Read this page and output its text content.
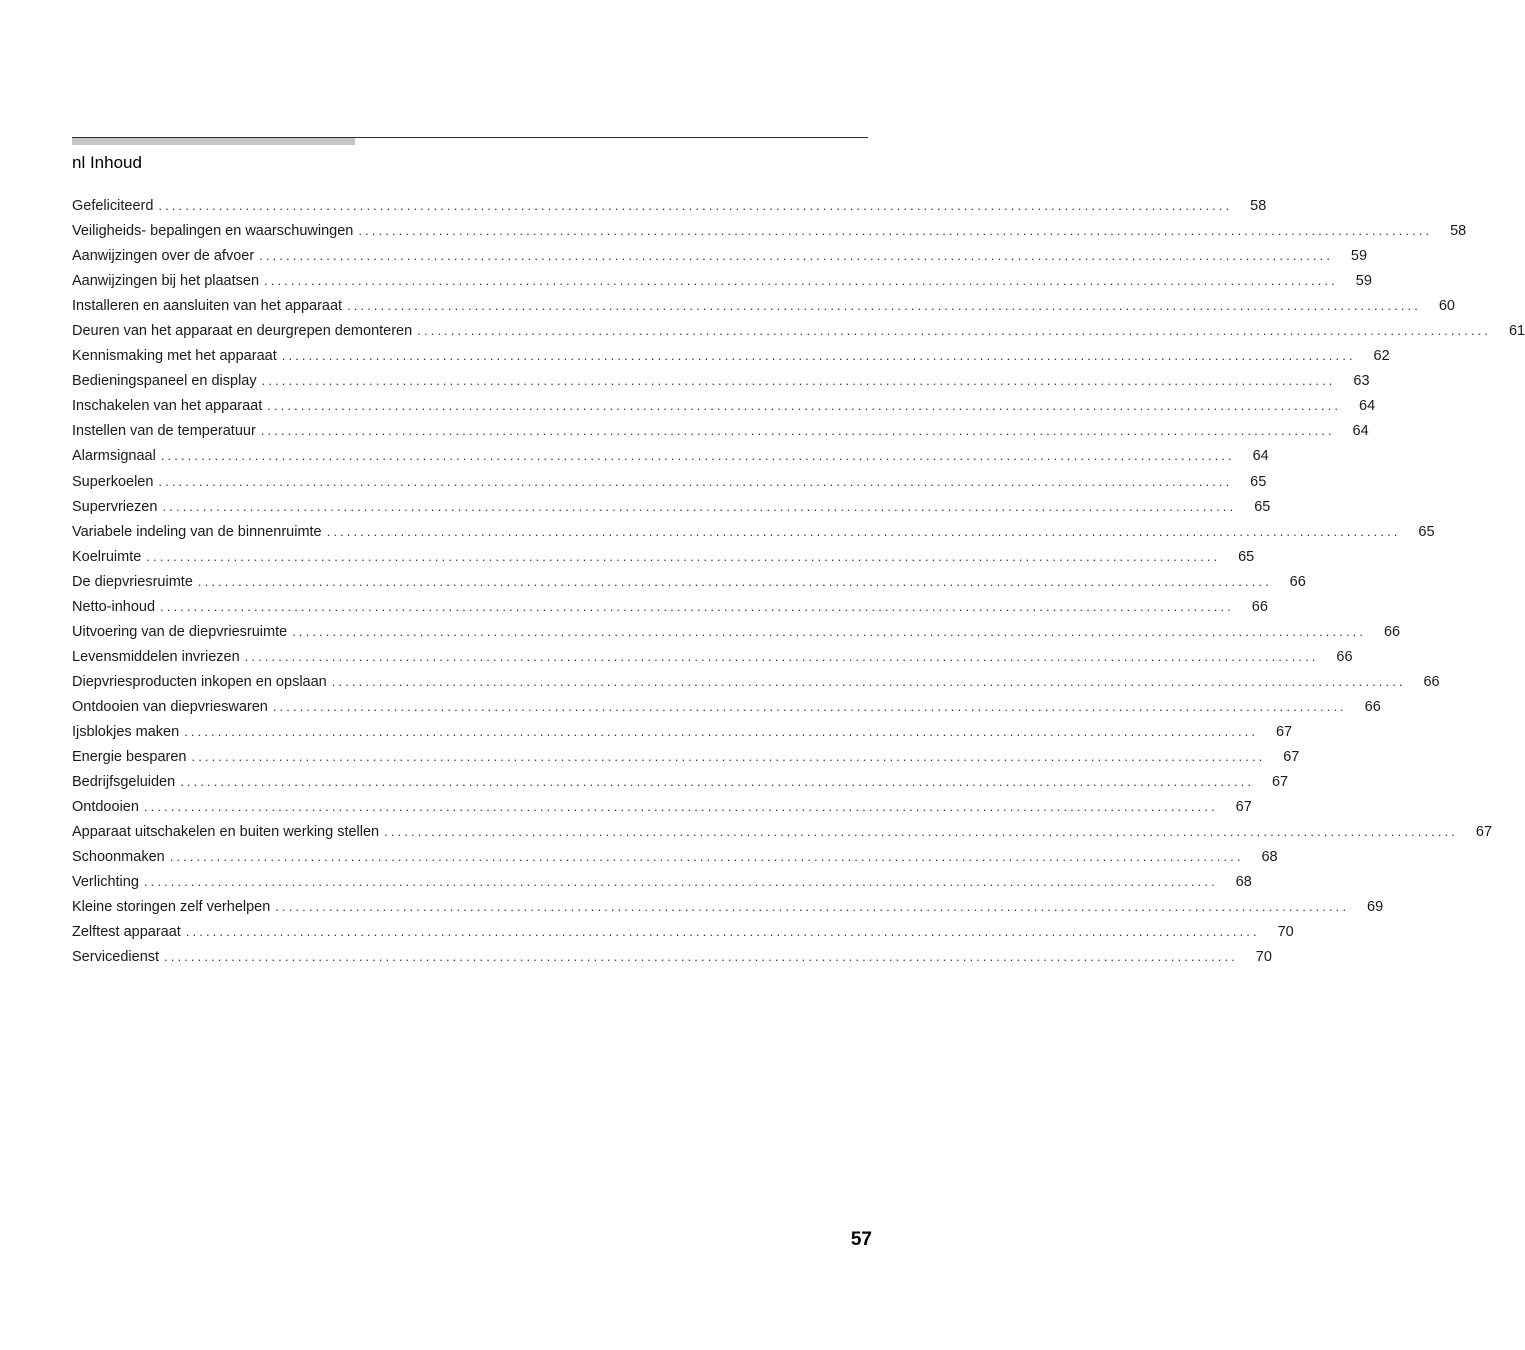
nl Inhoud
Gefeliciteerd ................................................................................................................................................................	58
Veiligheids- bepalingen en waarschuwingen ................................................................................................................................................................	58
Aanwijzingen over de afvoer ................................................................................................................................................................	59
Aanwijzingen bij het plaatsen ................................................................................................................................................................	59
Installeren en aansluiten van het apparaat ................................................................................................................................................................	60
Deuren van het apparaat en deurgrepen demonteren ................................................................................................................................................................	61
Kennismaking met het apparaat ................................................................................................................................................................	62
Bedieningspaneel en display ................................................................................................................................................................	63
Inschakelen van het apparaat ................................................................................................................................................................	64
Instellen van de temperatuur ................................................................................................................................................................	64
Alarmsignaal ................................................................................................................................................................	64
Superkoelen ................................................................................................................................................................	65
Supervriezen ................................................................................................................................................................	65
Variabele indeling van de binnenruimte ................................................................................................................................................................	65
Koelruimte ................................................................................................................................................................	65
De diepvriesruimte ................................................................................................................................................................	66
Netto-inhoud ................................................................................................................................................................	66
Uitvoering van de diepvriesruimte ................................................................................................................................................................	66
Levensmiddelen invriezen ................................................................................................................................................................	66
Diepvriesproducten inkopen en opslaan ................................................................................................................................................................	66
Ontdooien van diepvrieswaren ................................................................................................................................................................	66
Ijsblokjes maken ................................................................................................................................................................	67
Energie besparen ................................................................................................................................................................	67
Bedrijfsgeluiden ................................................................................................................................................................	67
Ontdooien ................................................................................................................................................................	67
Apparaat uitschakelen en buiten werking stellen ................................................................................................................................................................	67
Schoonmaken ................................................................................................................................................................	68
Verlichting ................................................................................................................................................................	68
Kleine storingen zelf verhelpen ................................................................................................................................................................	69
Zelftest apparaat ................................................................................................................................................................	70
Servicedienst ................................................................................................................................................................	70
57
